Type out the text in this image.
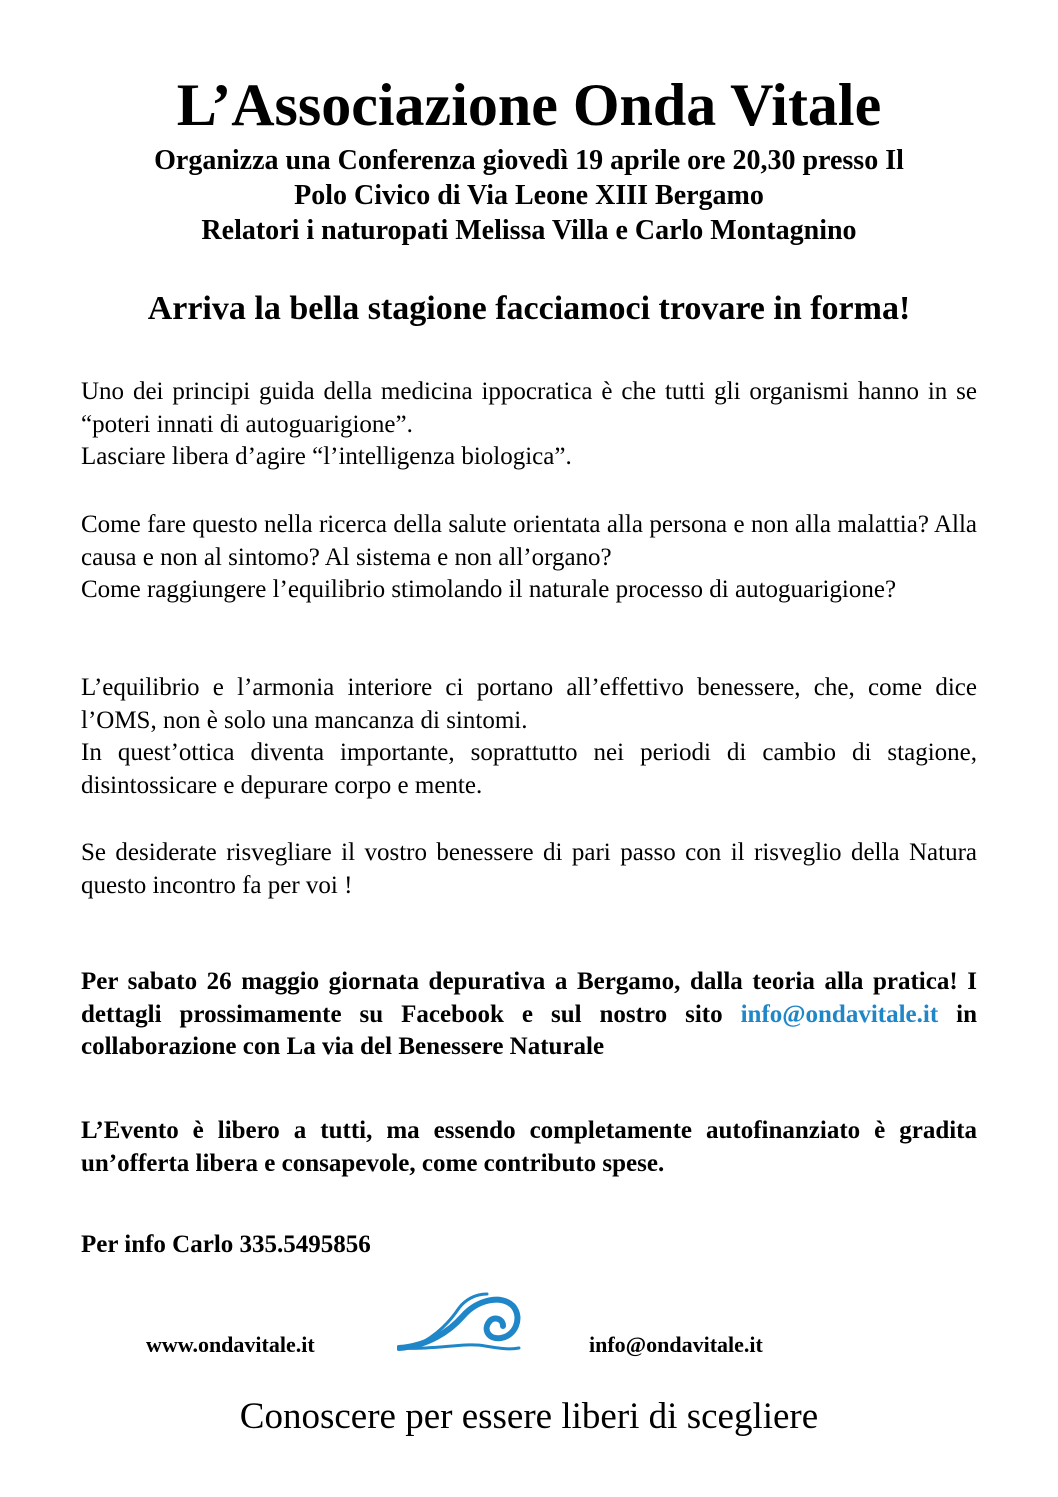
L’Associazione Onda Vitale
Organizza una Conferenza giovedì 19 aprile ore 20,30 presso Il
Polo Civico di Via Leone XIII Bergamo
Relatori i naturopati Melissa Villa e Carlo Montagnino
Arriva la bella stagione facciamoci trovare in forma!

Uno dei principi guida della medicina ippocratica è che tutti gli organismi hanno in se “poteri innati di autoguarigione”.

Lasciare libera d’agire “l’intelligenza biologica”.

Come fare questo nella ricerca della salute orientata alla persona e non alla malattia? Alla causa e non al sintomo? Al sistema e non all’organo?

Come raggiungere l’equilibrio stimolando il naturale processo di autoguarigione?

L’equilibrio e l’armonia interiore ci portano all’effettivo benessere, che, come dice l’OMS, non è solo una mancanza di sintomi.

In quest’ottica diventa importante, soprattutto nei periodi di cambio di stagione, disintossicare e depurare corpo e mente.

Se desiderate risvegliare il vostro benessere di pari passo con il risveglio della Natura questo incontro fa per voi !

Per sabato 26 maggio giornata depurativa a Bergamo, dalla teoria alla pratica! I dettagli prossimamente su Facebook e sul nostro sito info@ondavitale.it in collaborazione con La via del Benessere Naturale

L’Evento è libero a tutti, ma essendo completamente autofinanziato è gradita un’offerta libera e consapevole, come contributo spese.

Per info Carlo 335.5495856

www.ondavitale.it	info@ondavitale.it

Conoscere per essere liberi di scegliere
